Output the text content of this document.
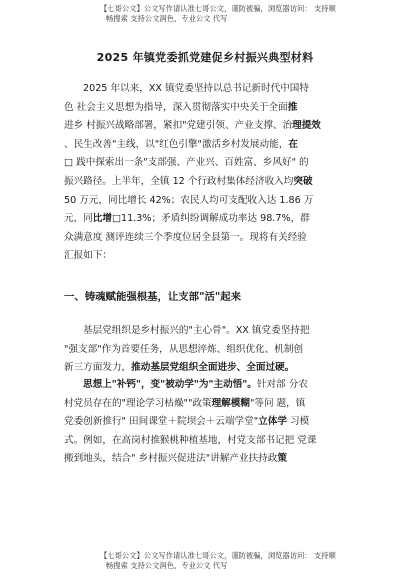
【七哥公文】公文写作请认准七哥公文，谨防被骗，浏览器访问： 支持顺
畅搜索 支持公文润色，专业公文 代写
2025 年镇党委抓党建促乡村振兴典型材料
2025 年以来，XX 镇党委坚持以总书记新时代中国特
色 社会主义思想为指导，深入贯彻落实中央关于全面推
进乡 村振兴战略部署，紧扣"党建引领、产业支撑、治理提效
、民生改善"主线，以"红色引擎"激活乡村发展动能，在
□ 践中探索出一条"支部强、产业兴、百姓富、乡风好" 的
振兴路径。上半年，全镇 12 个行政村集体经济收入均突破
50 万元，同比增长 42%；农民人均可支配收入达 1.86 万
元，同比增□11.3%；矛盾纠纷调解成功率达 98.7%，群
众满意度 测评连续三个季度位居全县第一。现将有关经验
汇报如下：
一、铸魂赋能强根基，让支部"活"起来
基层党组织是乡村振兴的"主心骨"。XX 镇党委坚持把
"强支部"作为首要任务，从思想淬炼、组织优化、机制创
新三方面发力，推动基层党组织全面进步、全面过硬。
思想上"补钙"，变"被动学"为"主动悟"。针对部 分农
村党员存在的"理论学习枯燥""政策理解模糊"等问 题，镇
党委创新推行" 田间课堂＋院坝会＋云端学堂"立体学 习模
式。例如，在高岗村推猴桃种植基地，村党支部书记把 党课
搬到地头，结合" 乡村振兴促进法"讲解产业扶持政策
【七哥公文】公文写作请认准七哥公文，谨防被骗，浏览器访问： 支持顺
畅搜索 支持公文润色，专业公文 代写
